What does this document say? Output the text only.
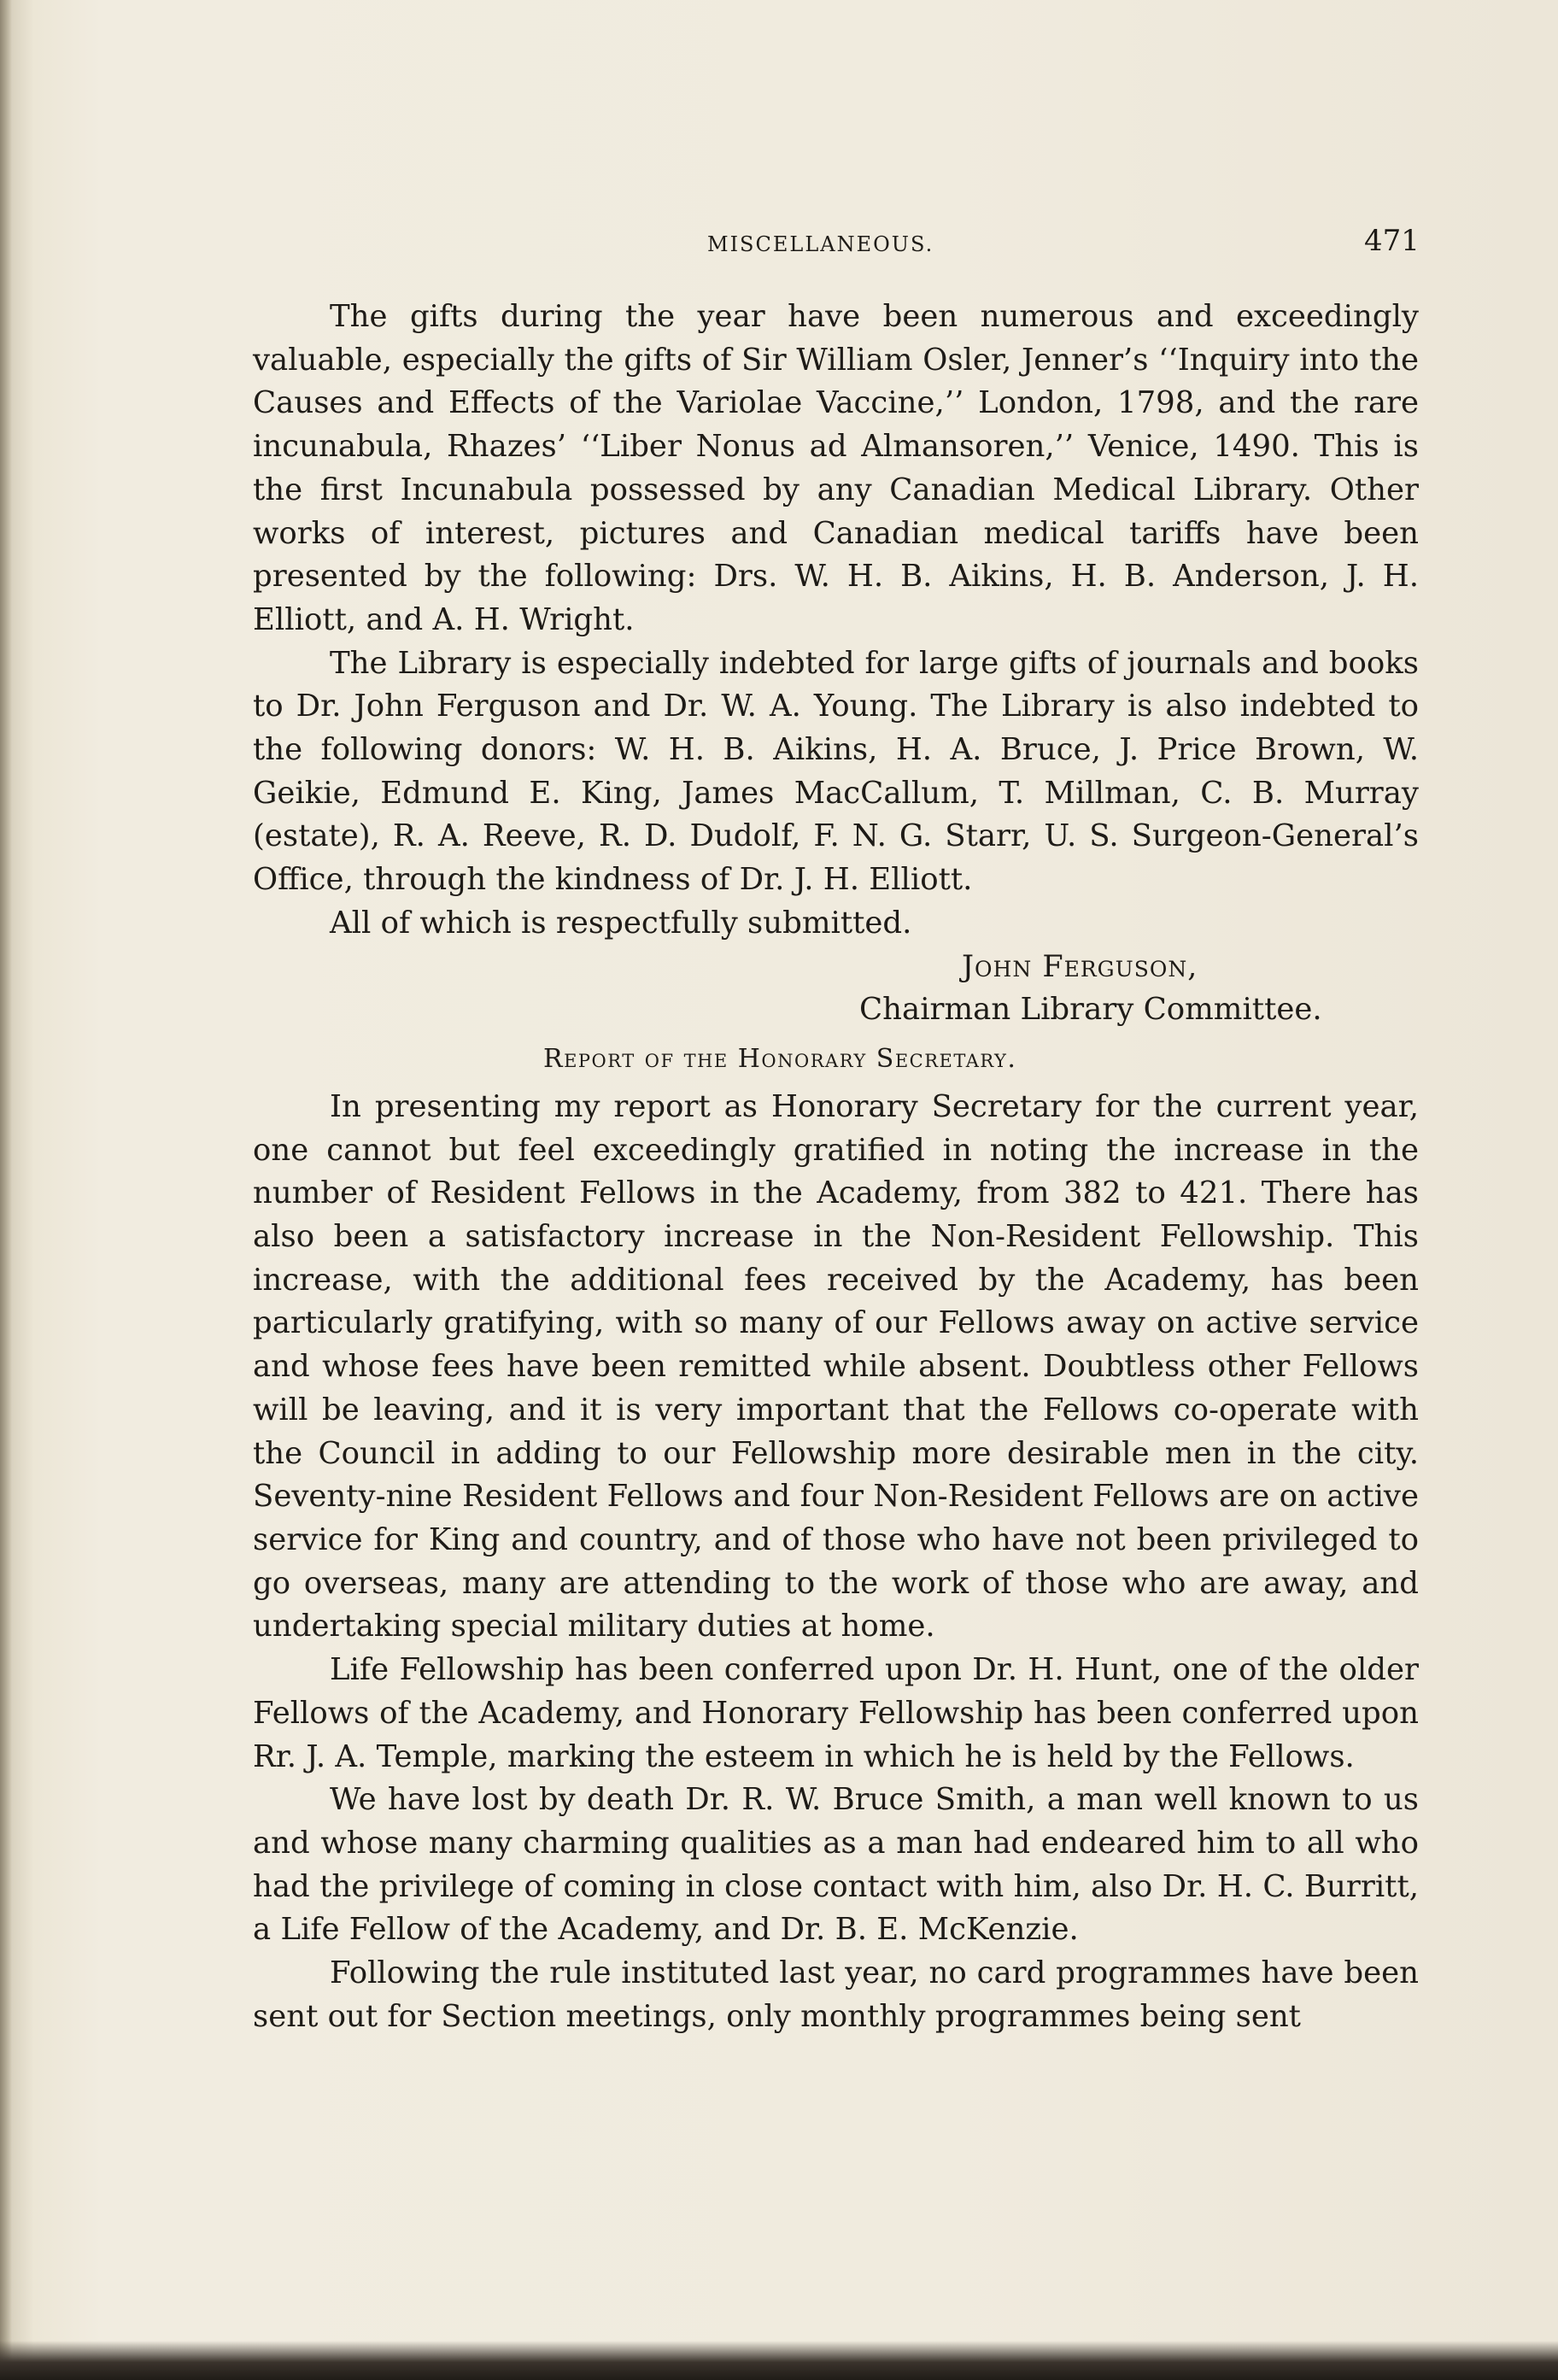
MISCELLANEOUS.	471

The gifts during the year have been numerous and exceedingly valuable, especially the gifts of Sir William Osler, Jenner’s ‘‘Inquiry into the Causes and Effects of the Variolae Vaccine,’’ London, 1798, and the rare incunabula, Rhazes’ ‘‘Liber Nonus ad Almansoren,’’ Venice, 1490. This is the first Incunabula possessed by any Canadian Medical Library. Other works of interest, pictures and Canadian medical tariffs have been presented by the following: Drs. W. H. B. Aikins, H. B. Anderson, J. H. Elliott, and A. H. Wright.

The Library is especially indebted for large gifts of journals and books to Dr. John Ferguson and Dr. W. A. Young. The Library is also indebted to the following donors: W. H. B. Aikins, H. A. Bruce, J. Price Brown, W. Geikie, Edmund E. King, James MacCallum, T. Millman, C. B. Murray (estate), R. A. Reeve, R. D. Dudolf, F. N. G. Starr, U. S. Surgeon-General’s Office, through the kindness of Dr. J. H. Elliott.

All of which is respectfully submitted.

John Ferguson,
Chairman Library Committee.
Report of the Honorary Secretary.

In presenting my report as Honorary Secretary for the current year, one cannot but feel exceedingly gratified in noting the increase in the number of Resident Fellows in the Academy, from 382 to 421. There has also been a satisfactory increase in the Non-Resident Fellowship. This increase, with the additional fees received by the Academy, has been particularly gratifying, with so many of our Fellows away on active service and whose fees have been remitted while absent. Doubtless other Fellows will be leaving, and it is very important that the Fellows co-operate with the Council in adding to our Fellowship more desirable men in the city. Seventy-nine Resident Fellows and four Non-Resident Fellows are on active service for King and country, and of those who have not been privileged to go overseas, many are attending to the work of those who are away, and undertaking special military duties at home.

Life Fellowship has been conferred upon Dr. H. Hunt, one of the older Fellows of the Academy, and Honorary Fellowship has been conferred upon Rr. J. A. Temple, marking the esteem in which he is held by the Fellows.

We have lost by death Dr. R. W. Bruce Smith, a man well known to us and whose many charming qualities as a man had endeared him to all who had the privilege of coming in close contact with him, also Dr. H. C. Burritt, a Life Fellow of the Academy, and Dr. B. E. McKenzie.

Following the rule instituted last year, no card programmes have been sent out for Section meetings, only monthly programmes being sent
